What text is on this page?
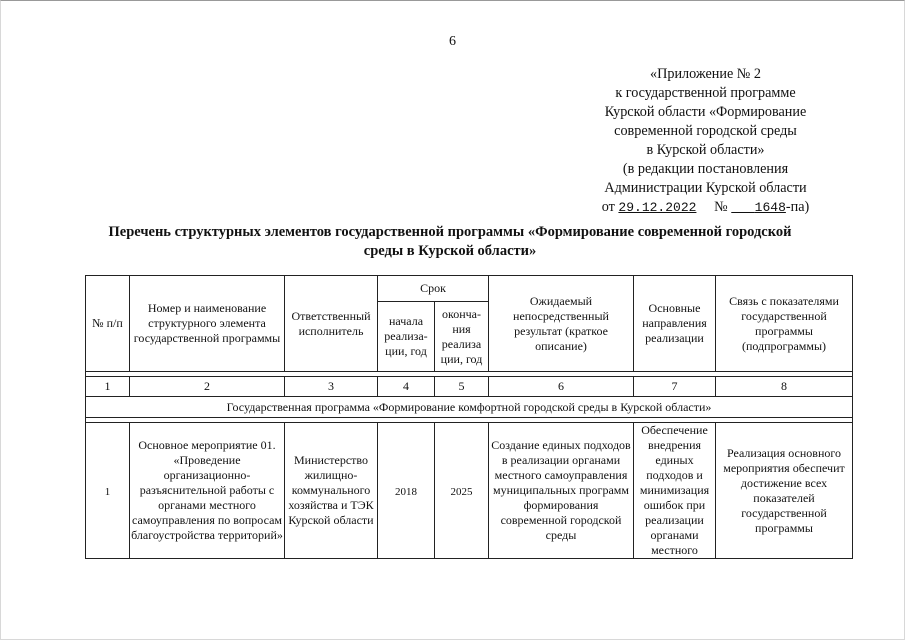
6
«Приложение № 2
к государственной программе
Курской области «Формирование
современной городской среды
в Курской области»
(в редакции постановления
Администрации Курской области
от 29.12.2022 № 1648-па)
Перечень структурных элементов государственной программы «Формирование современной городской
среды в Курской области»
№ п/п	Номер и наименование структурного элемента государственной программы	Ответственный исполнитель	Срок		Ожидаемый непосредственный результат (краткое описание)	Основные направления реализации	Связь с показателями государственной программы (подпрограммы)
			начала реализа-ции, год	оконча-ния реализа ции, год			

1	2	3	4	5	6	7	8
Государственная программа «Формирование комфортной городской среды в Курской области»							

1	Основное мероприятие 01. «Проведение организационно-разъяснительной работы с органами местного самоуправления по вопросам благоустройства территорий»	Министерство жилищно-коммунального хозяйства и ТЭК Курской области	2018	2025	Создание единых подходов в реализации органами местного самоуправления муниципальных программ формирования современной городской среды	Обеспечение внедрения единых подходов и минимизация ошибок при реализации органами местного	Реализация основного мероприятия обеспечит достижение всех показателей государственной программы
